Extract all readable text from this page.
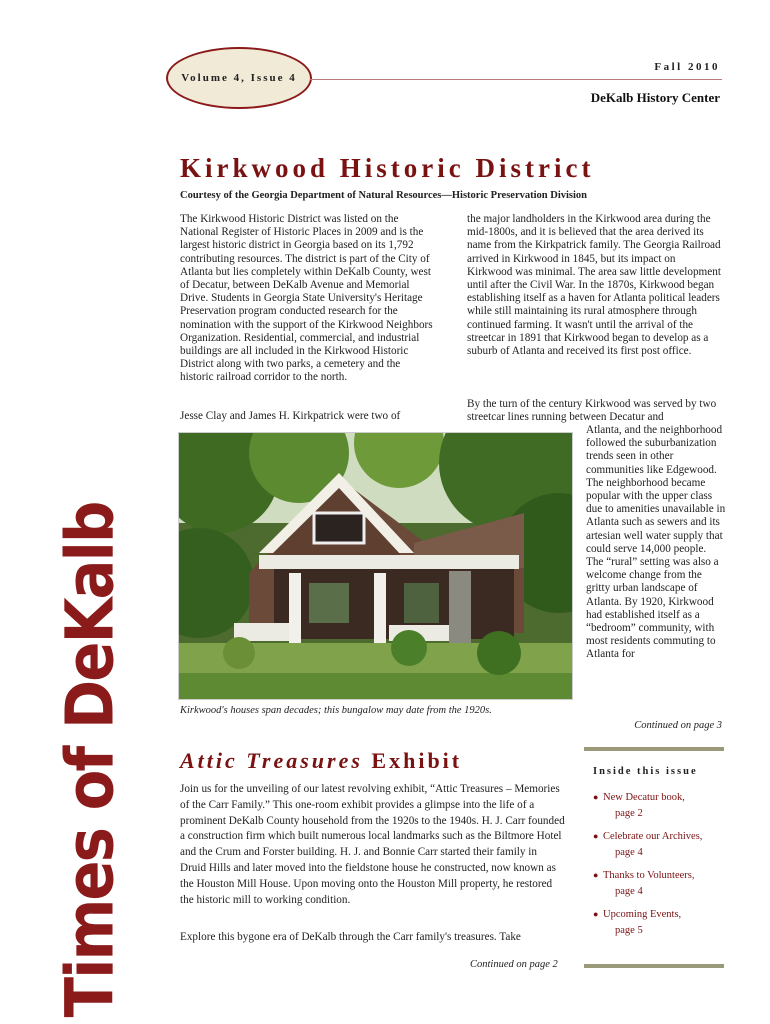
Volume 4, Issue 4
Fall 2010
DeKalb History Center
Times of DeKalb
Kirkwood Historic District
Courtesy of the Georgia Department of Natural Resources—Historic Preservation Division

The Kirkwood Historic District was listed on the National Register of Historic Places in 2009 and is the largest historic district in Georgia based on its 1,792 contributing resources. The district is part of the City of Atlanta but lies completely within DeKalb County, west of Decatur, between DeKalb Avenue and Memorial Drive. Students in Georgia State University's Heritage Preservation program conducted research for the nomination with the support of the Kirkwood Neighbors Organization. Residential, commercial, and industrial buildings are all included in the Kirkwood Historic District along with two parks, a cemetery and the historic railroad corridor to the north.

Jesse Clay and James H. Kirkpatrick were two of

the major landholders in the Kirkwood area during the mid-1800s, and it is believed that the area derived its name from the Kirkpatrick family. The Georgia Railroad arrived in Kirkwood in 1845, but its impact on Kirkwood was minimal. The area saw little development until after the Civil War. In the 1870s, Kirkwood began establishing itself as a haven for Atlanta political leaders while still maintaining its rural atmosphere through continued farming. It wasn't until the arrival of the streetcar in 1891 that Kirkwood began to develop as a suburb of Atlanta and received its first post office.

By the turn of the century Kirkwood was served by two streetcar lines running between Decatur and

Atlanta, and the neighborhood followed the suburbanization trends seen in other communities like Edgewood. The neighborhood became popular with the upper class due to amenities unavailable in Atlanta such as sewers and its artesian well water supply that could serve 14,000 people. The “rural” setting was also a welcome change from the gritty urban landscape of Atlanta. By 1920, Kirkwood had established itself as a “bedroom” community, with most residents commuting to Atlanta for

Kirkwood's houses span decades; this bungalow may date from the 1920s.
Continued on page 3
Attic Treasures Exhibit

Join us for the unveiling of our latest revolving exhibit, “Attic Treasures – Memories of the Carr Family.” This one-room exhibit provides a glimpse into the life of a prominent DeKalb County household from the 1920s to the 1940s. H. J. Carr founded a construction firm which built numerous local landmarks such as the Biltmore Hotel and the Crum and Forster building. H. J. and Bonnie Carr started their family in Druid Hills and later moved into the fieldstone house he constructed, now known as the Houston Mill House. Upon moving onto the Houston Mill property, he restored the historic mill to working condition.

Explore this bygone era of DeKalb through the Carr family's treasures. Take

Continued on page 2
Inside this issue
● New Decatur book,
page 2
● Celebrate our Archives,
page 4
● Thanks to Volunteers,
page 4
● Upcoming Events,
page 5
